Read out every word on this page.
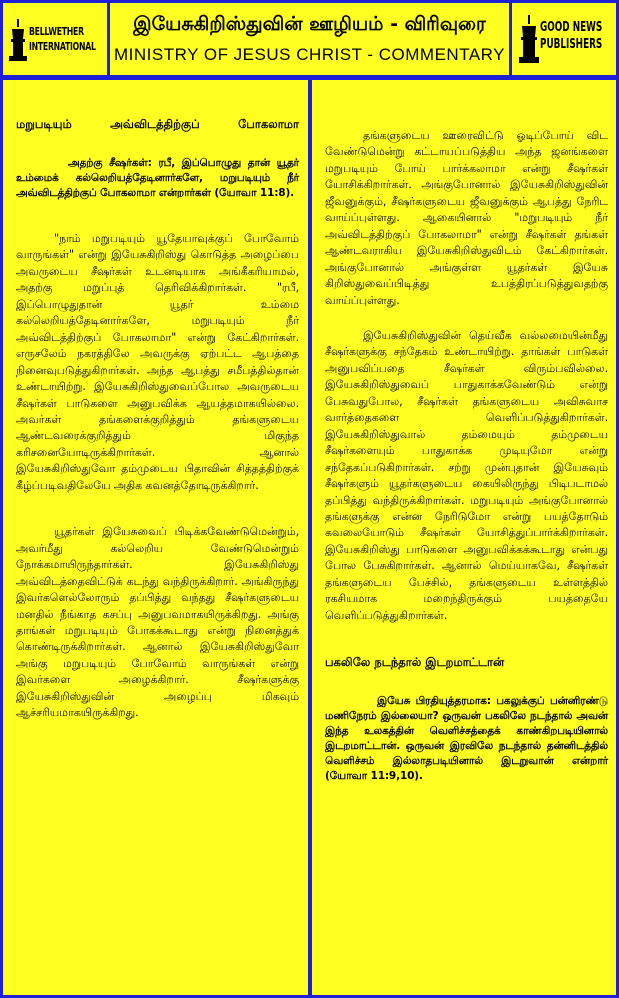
BELLWETHER
INTERNATIONAL
இயேசுகிறிஸ்துவின் ஊழியம் - விரிவுரை
MINISTRY OF JESUS CHRIST - COMMENTARY
GOOD NEWS
PUBLISHERS
மறுபடியும் அவ்விடத்திற்குப் போகலாமா
அதற்கு சீஷர்கள்: ரபீ, இப்பொழுது தான் யூதர் உம்மைக் கல்லெறியத்தேடினார்களே, மறுபடியும் நீர் அவ்விடத்திற்குப் போகலாமா என்றார்கள் (யோவா 11:8).
"நாம் மறுபடியும் யூதேயாவுக்குப் போவோம் வாருங்கள்" என்று இயேசுகிறிஸ்து கொடுத்த அழைப்பை அவருடைய சீஷர்கள் உடனடியாக அங்கீகரியாமல், அதற்கு மறுப்புத் தெரிவிக்கிறார்கள். "ரபீ, இப்பொழுதுதான் யூதர் உம்மை கல்லெறியத்தேடினார்களே, மறுபடியும் நீர் அவ்விடத்திற்குப் போகலாமா" என்று கேட்கிறார்கள். எருசலேம் நகரத்திலே அவருக்கு ஏற்பட்ட ஆபத்தை நினைவுபடுத்துகிறார்கள். அந்த ஆபத்து சமீபத்தில்தான் உண்டாயிற்று. இயேசுகிறிஸ்துவைப்போல அவருடைய சீஷர்கள் பாடுகளை அனுபவிக்க ஆயத்தமாகயில்லை. அவர்கள் தங்களைக்குறித்தும் தங்களுடைய ஆண்டவரைக்குறித்தும் மிகுந்த கரிசனையோடிருக்கிறார்கள். ஆனால் இயேசுகிறிஸ்துவோ தம்முடைய பிதாவின் சித்தத்திற்குக் கீழ்ப்படிவதிலேயே அதிக கவனத்தோடிருக்கிறார்.
யூதர்கள் இயேசுவைப் பிடிக்கவேண்டுமென்றும், அவர்மீது கல்லெறிய வேண்டுமென்றும் நோக்கமாயிருந்தார்கள். இயேசுகிறிஸ்து அவ்விடத்தைவிட்டுக் கடந்து வந்திருக்கிறார். அங்கிருந்து இவர்களெல்லோரும் தப்பித்து வந்தது சீஷர்களுடைய மனதில் நீங்காத கசப்பு அனுபவமாகயிருக்கிறது. அங்கு தாங்கள் மறுபடியும் போகக்கூடாது என்று நினைத்துக் கொண்டிருக்கிறார்கள். ஆனால் இயேசுகிறிஸ்துவோ அங்கு மறுபடியும் போவோம் வாருங்கள் என்று இவர்களை அழைக்கிறார். சீஷர்களுக்கு இயேசுகிறிஸ்துவின் அழைப்பு மிகவும் ஆச்சரியமாகயிருக்கிறது.
தங்களுடைய ஊரைவிட்டு ஓடிப்போய் விட வேண்டுமென்று கட்டாயப்படுத்திய அந்த ஜனங்களை மறுபடியும் போய் பார்க்கலாமா என்று சீஷர்கள் யோசிக்கிறார்கள். அங்குபோனால் இயேசுகிறிஸ்துவின் ஜீவனுக்கும், சீஷர்களுடைய ஜீவனுக்கும் ஆபத்து நேரிட வாய்ப்புள்ளது. ஆகையினால் "மறுபடியும் நீர் அவ்விடத்திற்குப் போகலாமா" என்று சீஷர்கள் தங்கள் ஆண்டவராகிய இயேசுகிறிஸ்துவிடம் கேட்கிறார்கள். அங்குபோனால் அங்குள்ள யூதர்கள் இயேசு கிறிஸ்துவைப்பிடித்து உபத்திரப்படுத்துவதற்கு வாய்ப்புள்ளது.
இயேசுகிறிஸ்துவின் தெய்வீக வல்லமையின்மீது சீஷர்களுக்கு சந்தேகம் உண்டாயிற்று. தாங்கள் பாடுகள் அனுபவிப்பதை சீஷர்கள் விரும்பவில்லை. இயேசுகிறிஸ்துவைப் பாதுகாக்கவேண்டும் என்று பேசுவதுபோல, சீஷர்கள் தங்களுடைய அவிசுவாச வார்த்தைகளை வெளிப்படுத்துகிறார்கள். இயேசுகிறிஸ்துவால் தம்மையும் தம்முடைய சீஷர்களையும் பாதுகாக்க முடியுமோ என்று சந்தேகப்படுகிறார்கள். சற்று முன்புதான் இயேசுவும் சீஷர்களும் யூதர்களுடைய கையிலிருந்து பிடிபடாமல் தப்பித்து வந்திருக்கிறார்கள். மறுபடியும் அங்குபோனால் தங்களுக்கு என்ன நேரிடுமோ என்று பயத்தோடும் கவலையோடும் சீஷர்கள் யோசித்துப்பார்க்கிறார்கள். இயேசுகிறிஸ்து பாடுகளை அனுபவிக்கக்கூடாது என்பது போல பேசுகிறார்கள். ஆனால் மெய்யாகவே, சீஷர்கள் தங்களுடைய பேச்சில், தங்களுடைய உள்ளத்தில் ரகசியமாக மறைந்திருக்கும் பயத்தையே வெளிப்படுத்துகிறார்கள்.
பகலிலே நடந்தால் இடறமாட்டான்
இயேசு பிரதியுத்தரமாக: பகலுக்குப் பன்னிரண்டு மணிநேரம் இல்லையா? ஒருவன் பகலிலே நடந்தால் அவன் இந்த உலகத்தின் வெளிச்சத்தைக் காண்கிறபடியினால் இடறமாட்டான். ஒருவன் இரவிலே நடந்தால் தன்னிடத்தில் வெளிச்சம் இல்லாதபடியினால் இடறுவான் என்றார் (யோவா 11:9,10).
